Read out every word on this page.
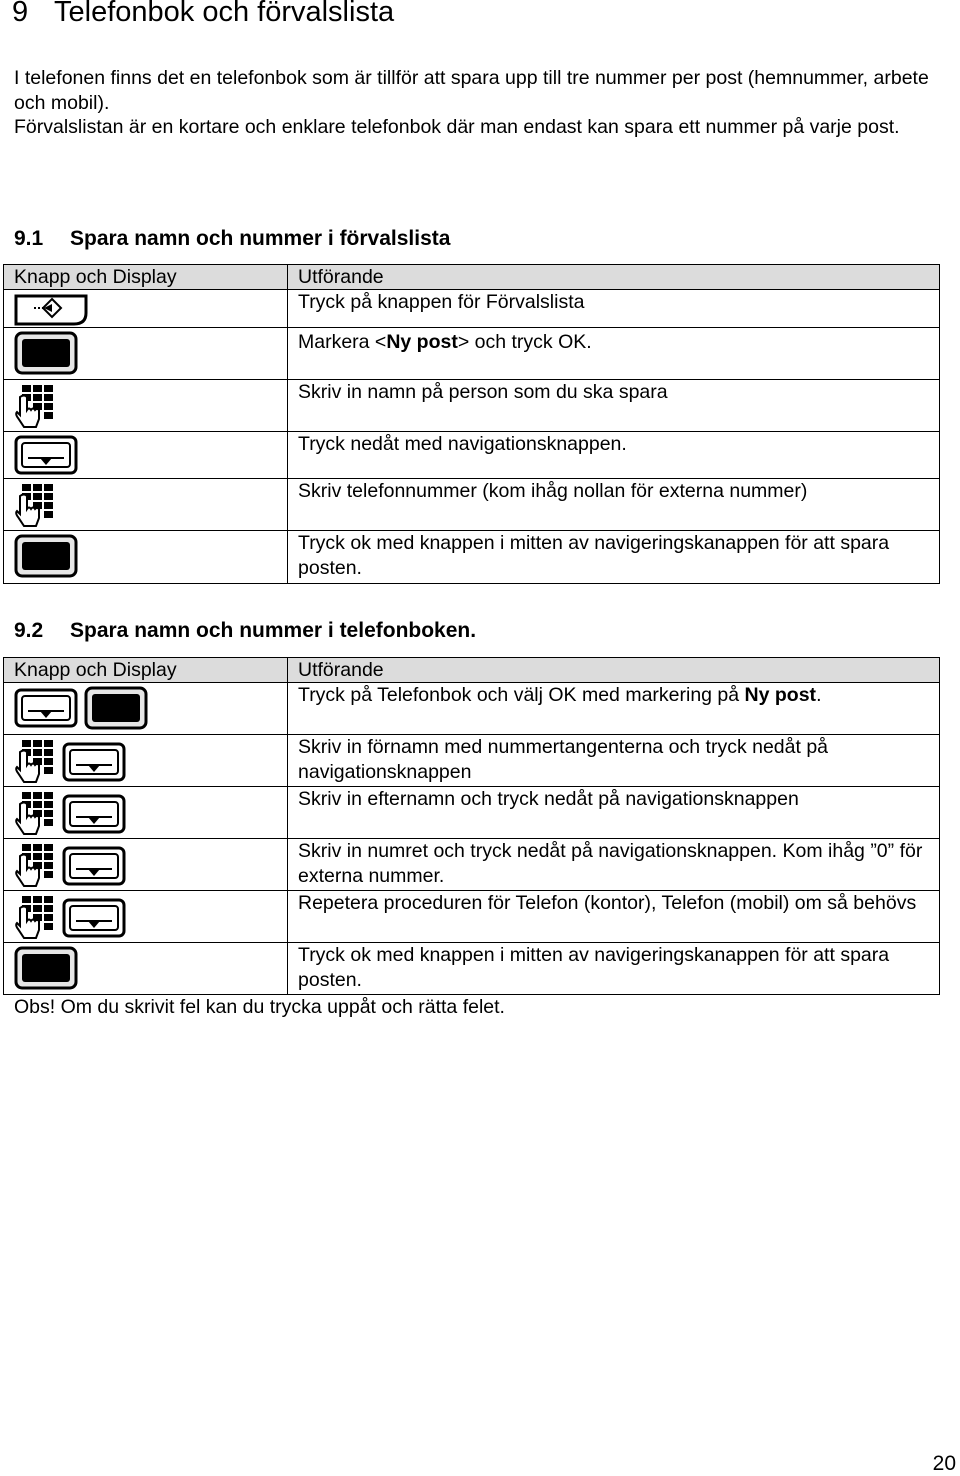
9 Telefonbok och förvalslista
I telefonen finns det en telefonbok som är tillför att spara upp till tre nummer per post (hemnummer, arbete och mobil).
Förvalslistan är en kortare och enklare telefonbok där man endast kan spara ett nummer på varje post.
9.1 Spara namn och nummer i förvalslista
Knapp och Display	Utförande

	Tryck på knappen för Förvalslista

	Markera <Ny post> och tryck OK.

	Skriv in namn på person som du ska spara

	Tryck nedåt med navigationsknappen.

	Skriv telefonnummer (kom ihåg nollan för externa nummer)

	Tryck ok med knappen i mitten av navigeringskanappen för att spara posten.
9.2 Spara namn och nummer i telefonboken.
Knapp och Display	Utförande

	Tryck på Telefonbok och välj OK med markering på Ny post.

	Skriv in förnamn med nummertangenterna och tryck nedåt på navigationsknappen

	Skriv in efternamn och tryck nedåt på navigationsknappen

	Skriv in numret och tryck nedåt på navigationsknappen. Kom ihåg ”0” för externa nummer.

	Repetera proceduren för Telefon (kontor), Telefon (mobil) om så behövs

	Tryck ok med knappen i mitten av navigeringskanappen för att spara posten.
Obs! Om du skrivit fel kan du trycka uppåt och rätta felet.
20
